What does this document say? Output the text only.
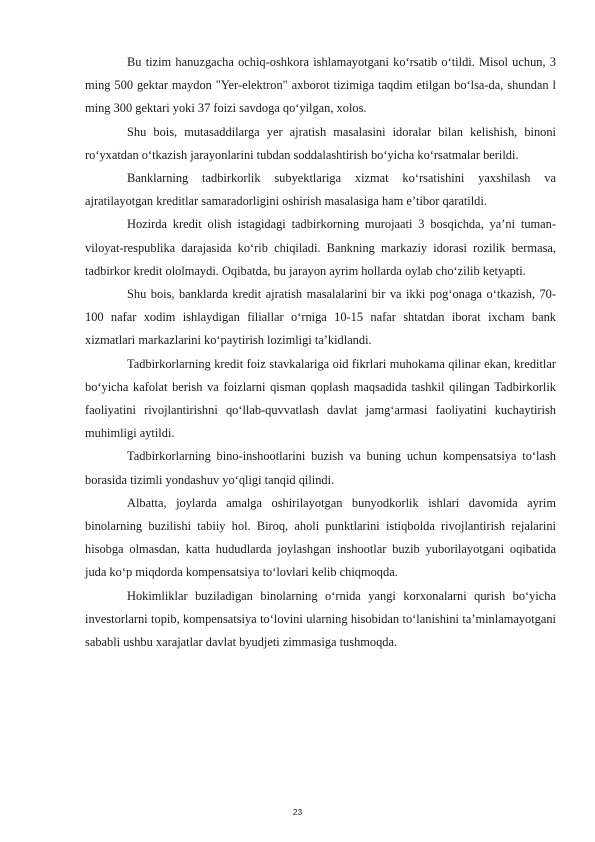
Bu tizim hanuzgacha ochiq-oshkora ishlamayotgani koʻrsatib oʻtildi. Misol uchun, 3 ming 500 gektar maydon "Yer-elektron" axborot tizimiga taqdim etilgan boʻlsa-da, shundan l ming 300 gektari yoki 37 foizi savdoga qoʻyilgan, xolos.

Shu bois, mutasaddilarga yer ajratish masalasini idoralar bilan kelishish, binoni roʻyxatdan oʻtkazish jarayonlarini tubdan soddalashtirish boʻyicha koʻrsatmalar berildi.

Banklarning tadbirkorlik subyektlariga xizmat koʻrsatishini yaxshilash va ajratilayotgan kreditlar samaradorligini oshirish masalasiga ham eʼtibor qaratildi.

Hozirda kredit olish istagidagi tadbirkorning murojaati 3 bosqichda, yaʼni tuman-viloyat-respublika darajasida koʻrib chiqiladi. Bankning markaziy idorasi rozilik bermasa, tadbirkor kredit ololmaydi. Oqibatda, bu jarayon ayrim hollarda oylab choʻzilib ketyapti.

Shu bois, banklarda kredit ajratish masalalarini bir va ikki pogʻonaga oʻtkazish, 70-100 nafar xodim ishlaydigan filiallar oʻrniga 10-15 nafar shtatdan iborat ixcham bank xizmatlari markazlarini koʻpaytirish lozimligi taʼkidlandi.

Tadbirkorlarning kredit foiz stavkalariga oid fikrlari muhokama qilinar ekan, kreditlar boʻyicha kafolat berish va foizlarni qisman qoplash maqsadida tashkil qilingan Tadbirkorlik faoliyatini rivojlantirishni qoʻllab-quvvatlash davlat jamgʻarmasi faoliyatini kuchaytirish muhimligi aytildi.

Tadbirkorlarning bino-inshootlarini buzish va buning uchun kompensatsiya toʻlash borasida tizimli yondashuv yoʻqligi tanqid qilindi.

Albatta, joylarda amalga oshirilayotgan bunyodkorlik ishlari davomida ayrim binolarning buzilishi tabiiy hol. Biroq, aholi punktlarini istiqbolda rivojlantirish rejalarini hisobga olmasdan, katta hududlarda joylashgan inshootlar buzib yuborilayotgani oqibatida juda koʻp miqdorda kompensatsiya toʻlovlari kelib chiqmoqda.

Hokimliklar buziladigan binolarning oʻrnida yangi korxonalarni qurish boʻyicha investorlarni topib, kompensatsiya toʻlovini ularning hisobidan toʻlanishini taʼminlamayotgani sababli ushbu xarajatlar davlat byudjeti zimmasiga tushmoqda.

23
